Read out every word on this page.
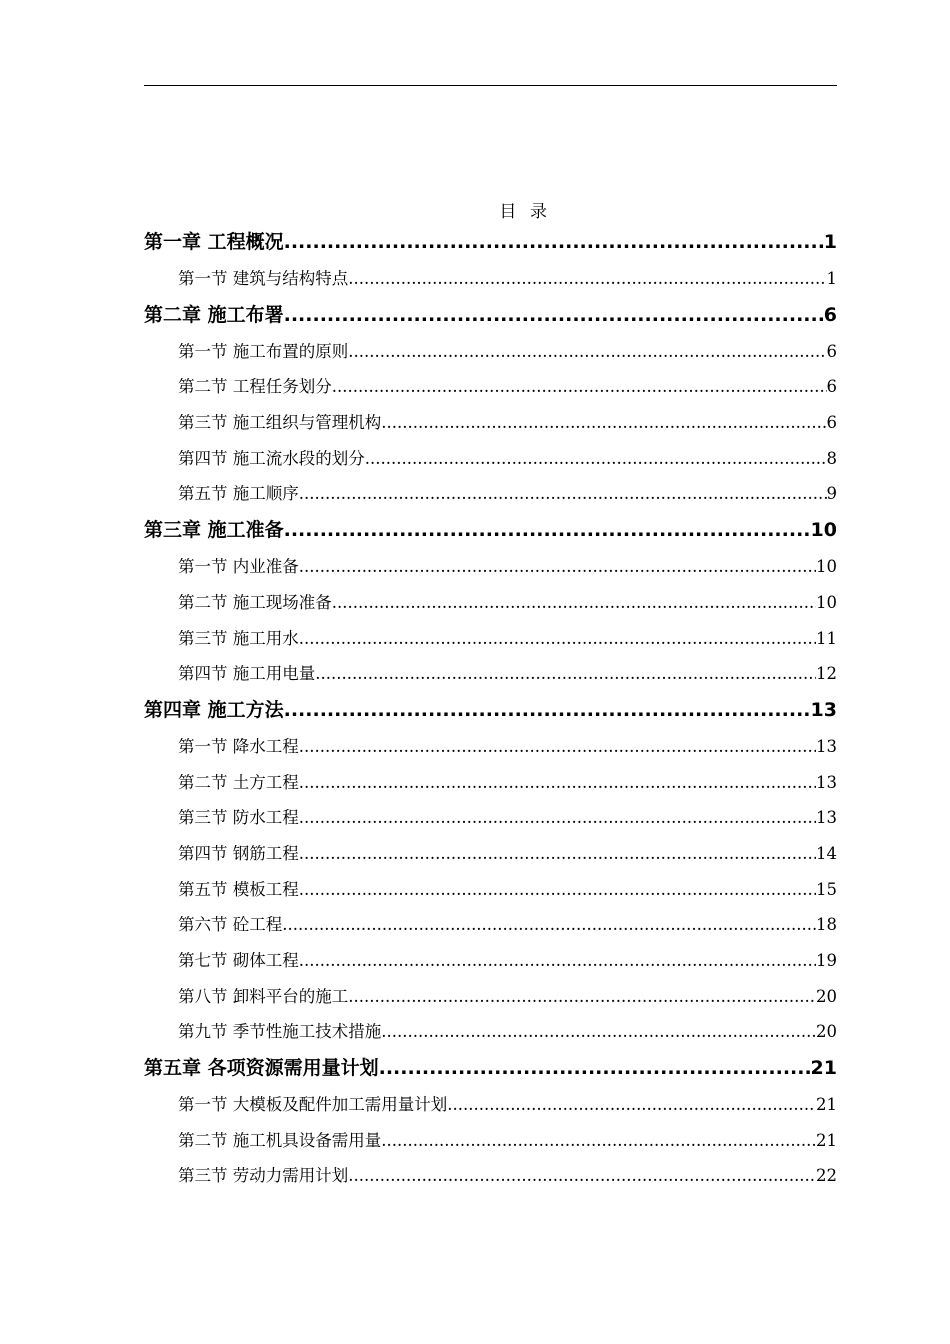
目录
第一章 工程概况 .....	1
第一节 建筑与结构特点 .....	1
第二章 施工布署 .....	6
第一节 施工布置的原则 .....	6
第二节 工程任务划分 .....	6
第三节 施工组织与管理机构 .....	6
第四节 施工流水段的划分 .....	8
第五节 施工顺序 .....	9
第三章 施工准备 .....	10
第一节 内业准备 .....	10
第二节 施工现场准备 .....	10
第三节 施工用水 .....	11
第四节 施工用电量 .....	12
第四章 施工方法 .....	13
第一节 降水工程 .....	13
第二节 土方工程 .....	13
第三节 防水工程 .....	13
第四节 钢筋工程 .....	14
第五节 模板工程 .....	15
第六节 砼工程 .....	18
第七节 砌体工程 .....	19
第八节 卸料平台的施工 .....	20
第九节 季节性施工技术措施 .....	20
第五章 各项资源需用量计划 .....	21
第一节 大模板及配件加工需用量计划 .....	21
第二节 施工机具设备需用量 .....	21
第三节 劳动力需用计划 .....	22
